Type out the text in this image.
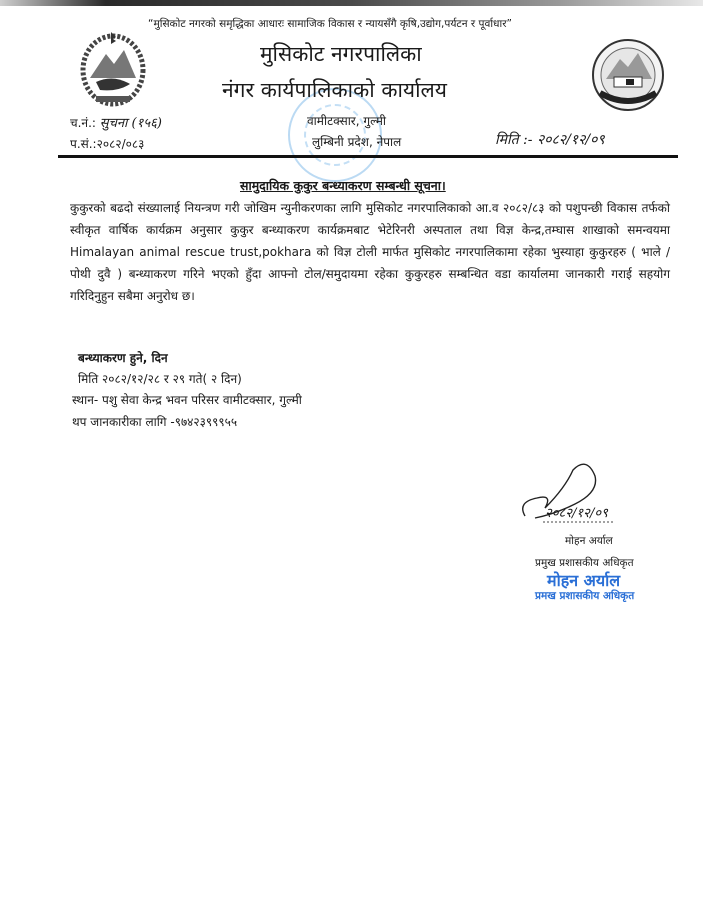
“मुसिकोट नगरको समृद्धिका आधारः सामाजिक विकास र न्यायसँगै कृषि,उद्योग,पर्यटन र पूर्वाधार”
मुसिकोट नगरपालिका
नंगर कार्यपालिकाको कार्यालय
वामीटक्सार, गुल्मी
लुम्बिनी प्रदेश, नेपाल
च.नं.: सुचना (१५६)
प.सं.:२०८२/०८३	मिति :- २०८२/१२/०९
सामुदायिक कुकुर बन्ध्याकरण सम्बन्धी सूचना।

कुकुरको बढदो संख्यालाई नियन्त्रण गरी जोखिम न्युनीकरणका लागि मुसिकोट नगरपालिकाको आ.व २०८२/८३ को पशुपन्छी विकास तर्फको स्वीकृत वार्षिक कार्यक्रम अनुसार कुकुर बन्ध्याकरण कार्यक्रमबाट भेटेरिनरी अस्पताल तथा विज्ञ केन्द्र,तम्घास शाखाको समन्वयमा Himalayan animal rescue trust,pokhara को विज्ञ टोली मार्फत मुसिकोट नगरपालिकामा रहेका भुस्याहा कुकुरहरु ( भाले /पोथी दुवै ) बन्ध्याकरण गरिने भएको हुँदा आफ्नो टोल/समुदायमा रहेका कुकुरहरु सम्बन्धित वडा कार्यालमा जानकारी गराई सहयोग गरिदिनुहुन सबैमा अनुरोध छ।

बन्ध्याकरण हुने, दिन
मिति २०८२/१२/२८ र २९ गते( २ दिन)
स्थान- पशु सेवा केन्द्र भवन परिसर वामीटक्सार, गुल्मी
थप जानकारीका लागि -९७४२३९९९५५
२०८२/१२/०९
मोहन अर्याल
प्रमुख प्रशासकीय अधिकृत
मोहन अर्याल
प्रमख प्रशासकीय अधिकृत
